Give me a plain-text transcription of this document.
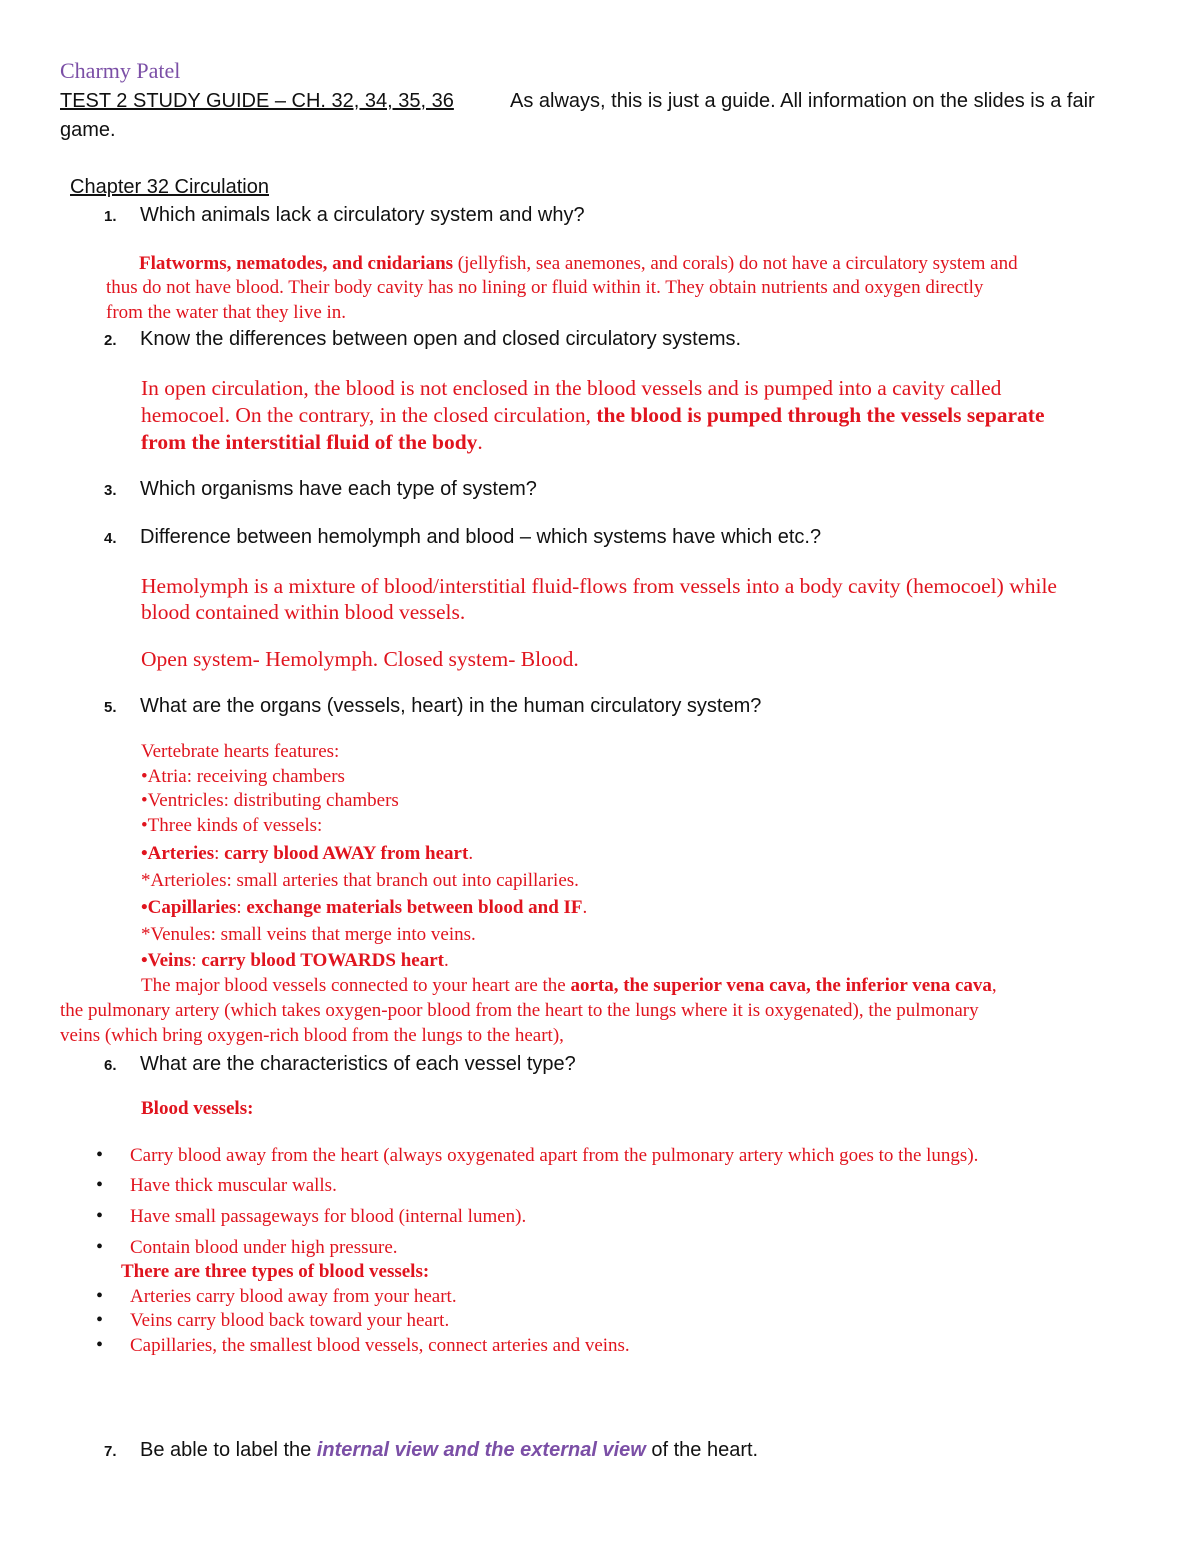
Charmy Patel
TEST 2 STUDY GUIDE – CH. 32, 34, 35, 36	As always, this is just a guide. All information on the slides is a fair
game.
Chapter 32 Circulation
1. Which animals lack a circulatory system and why?
Flatworms, nematodes, and cnidarians (jellyfish, sea anemones, and corals) do not have a circulatory system and
thus do not have blood. Their body cavity has no lining or fluid within it. They obtain nutrients and oxygen directly
from the water that they live in.
2. Know the differences between open and closed circulatory systems.
In open circulation, the blood is not enclosed in the blood vessels and is pumped into a cavity called
hemocoel. On the contrary, in the closed circulation, the blood is pumped through the vessels separate
from the interstitial fluid of the body.
3. Which organisms have each type of system?
4. Difference between hemolymph and blood – which systems have which etc.?
Hemolymph is a mixture of blood/interstitial fluid-flows from vessels into a body cavity (hemocoel) while
blood contained within blood vessels.
Open system- Hemolymph. Closed system- Blood.
5. What are the organs (vessels, heart) in the human circulatory system?
Vertebrate hearts features:
•Atria: receiving chambers
•Ventricles: distributing chambers
•Three kinds of vessels:
•Arteries: carry blood AWAY from heart.
*Arterioles: small arteries that branch out into capillaries.
•Capillaries: exchange materials between blood and IF.
*Venules: small veins that merge into veins.
•Veins: carry blood TOWARDS heart.
The major blood vessels connected to your heart are the aorta, the superior vena cava, the inferior vena cava,
the pulmonary artery (which takes oxygen-poor blood from the heart to the lungs where it is oxygenated), the pulmonary
veins (which bring oxygen-rich blood from the lungs to the heart),
6. What are the characteristics of each vessel type?
Blood vessels:
• Carry blood away from the heart (always oxygenated apart from the pulmonary artery which goes to the lungs).
• Have thick muscular walls.
• Have small passageways for blood (internal lumen).
• Contain blood under high pressure.
There are three types of blood vessels:
• Arteries carry blood away from your heart.
• Veins carry blood back toward your heart.
• Capillaries, the smallest blood vessels, connect arteries and veins.
7. Be able to label the internal view and the external view of the heart.
